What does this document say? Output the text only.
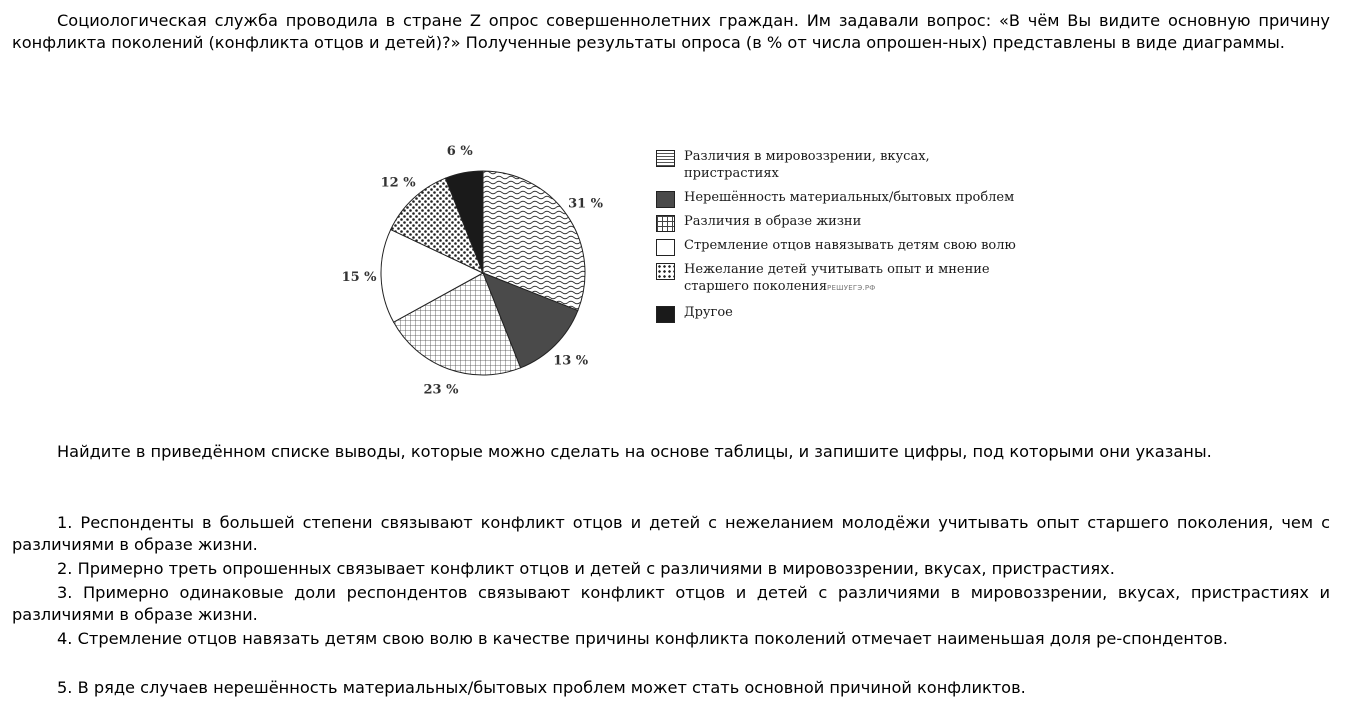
Социологическая служба проводила в стране Z опрос совершеннолетних граждан. Им задавали вопрос: «В чём Вы видите основную причину конфликта поколений (конфликта отцов и детей)?» Полученные результаты опроса (в % от числа опрошен-ных) представлены в виде диаграммы.

31 %
13 %
23 %
15 %
12 %
6 %	Различия в мировоззрении, вкусах, пристрастиях
Нерешённость материальных/бытовых проблем
Различия в образе жизни
Стремление отцов навязывать детям свою волю
Нежелание детей учитывать опыт и мнение старшего поколенияРЕШУЕГЭ.РФ
Другое

Найдите в приведённом списке выводы, которые можно сделать на основе таблицы, и запишите цифры, под которыми они указаны.

1. Респонденты в большей степени связывают конфликт отцов и детей с нежеланием молодёжи учитывать опыт старшего поколения, чем с различиями в образе жизни.

2. Примерно треть опрошенных связывает конфликт отцов и детей с различиями в мировоззрении, вкусах, пристрастиях.

3. Примерно одинаковые доли респондентов связывают конфликт отцов и детей с различиями в мировоззрении, вкусах, пристрастиях и различиями в образе жизни.

4. Стремление отцов навязать детям свою волю в качестве причины конфликта поколений отмечает наименьшая доля ре-спондентов.

5. В ряде случаев нерешённость материальных/бытовых проблем может стать основной причиной конфликтов.
